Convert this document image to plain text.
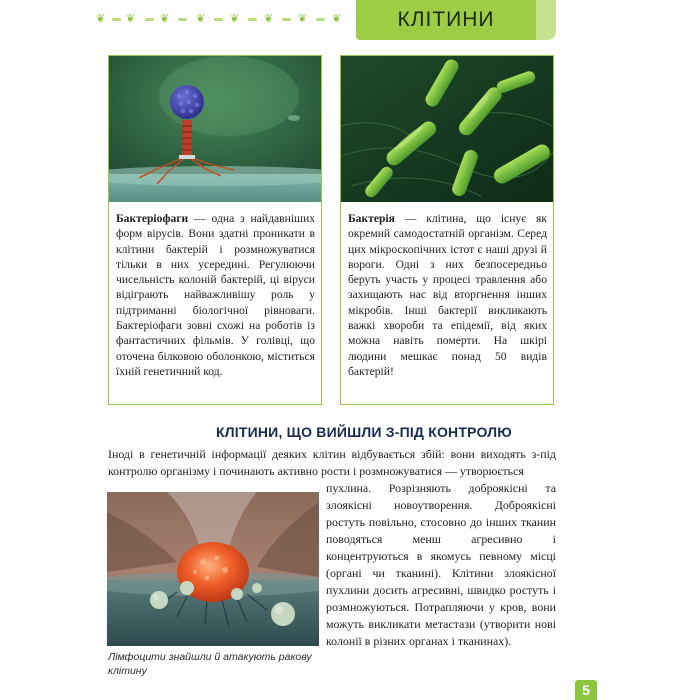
❦ ❦ ❦ ❦ ❦ ❦ ❦ ❦	КЛІТИНИ
Бактеріофаги — одна з найдавніших форм вірусів. Вони здатні проникати в клітини бактерій і розмножуватися тільки в них усередині. Регулюючи чисельність колоній бактерій, ці віруси відіграють найважливішу роль у підтриманні біологічної рівноваги. Бактеріофаги зовні схожі на роботів із фантастичних фільмів. У голівці, що оточена білковою оболонкою, міститься їхній генетичний код.
Бактерія — клітина, що існує як окремий самодостатній організм. Серед цих мікроскопічних істот є наші друзі й вороги. Одні з них безпосередньо беруть участь у процесі травлення або захищають нас від вторгнення інших мікробів. Інші бактерії викликають важкі хвороби та епідемії, від яких можна навіть померти. На шкірі людини мешкає понад 50 видів бактерій!
КЛІТИНИ, ЩО ВИЙШЛИ З-ПІД КОНТРОЛЮ
Іноді в генетичній інформації деяких клітин відбувається збій: вони виходять з-під контролю організму і починають активно рости і розмножуватися — утворюється
пухлина. Розрізняють доброякісні та злоякісні новоутворення. Доброякісні ростуть повільно, стосовно до інших тканин поводяться менш агресивно і концентруються в якомусь певному місці (органі чи тканині). Клітини злоякісної пухлини досить агресивні, швидко ростуть і розмножуються. Потрапляючи у кров, вони можуть викликати метастази (утворити нові колонії в різних органах і тканинах).
Лімфоцити знайшли й атакують ракову клітину
5
